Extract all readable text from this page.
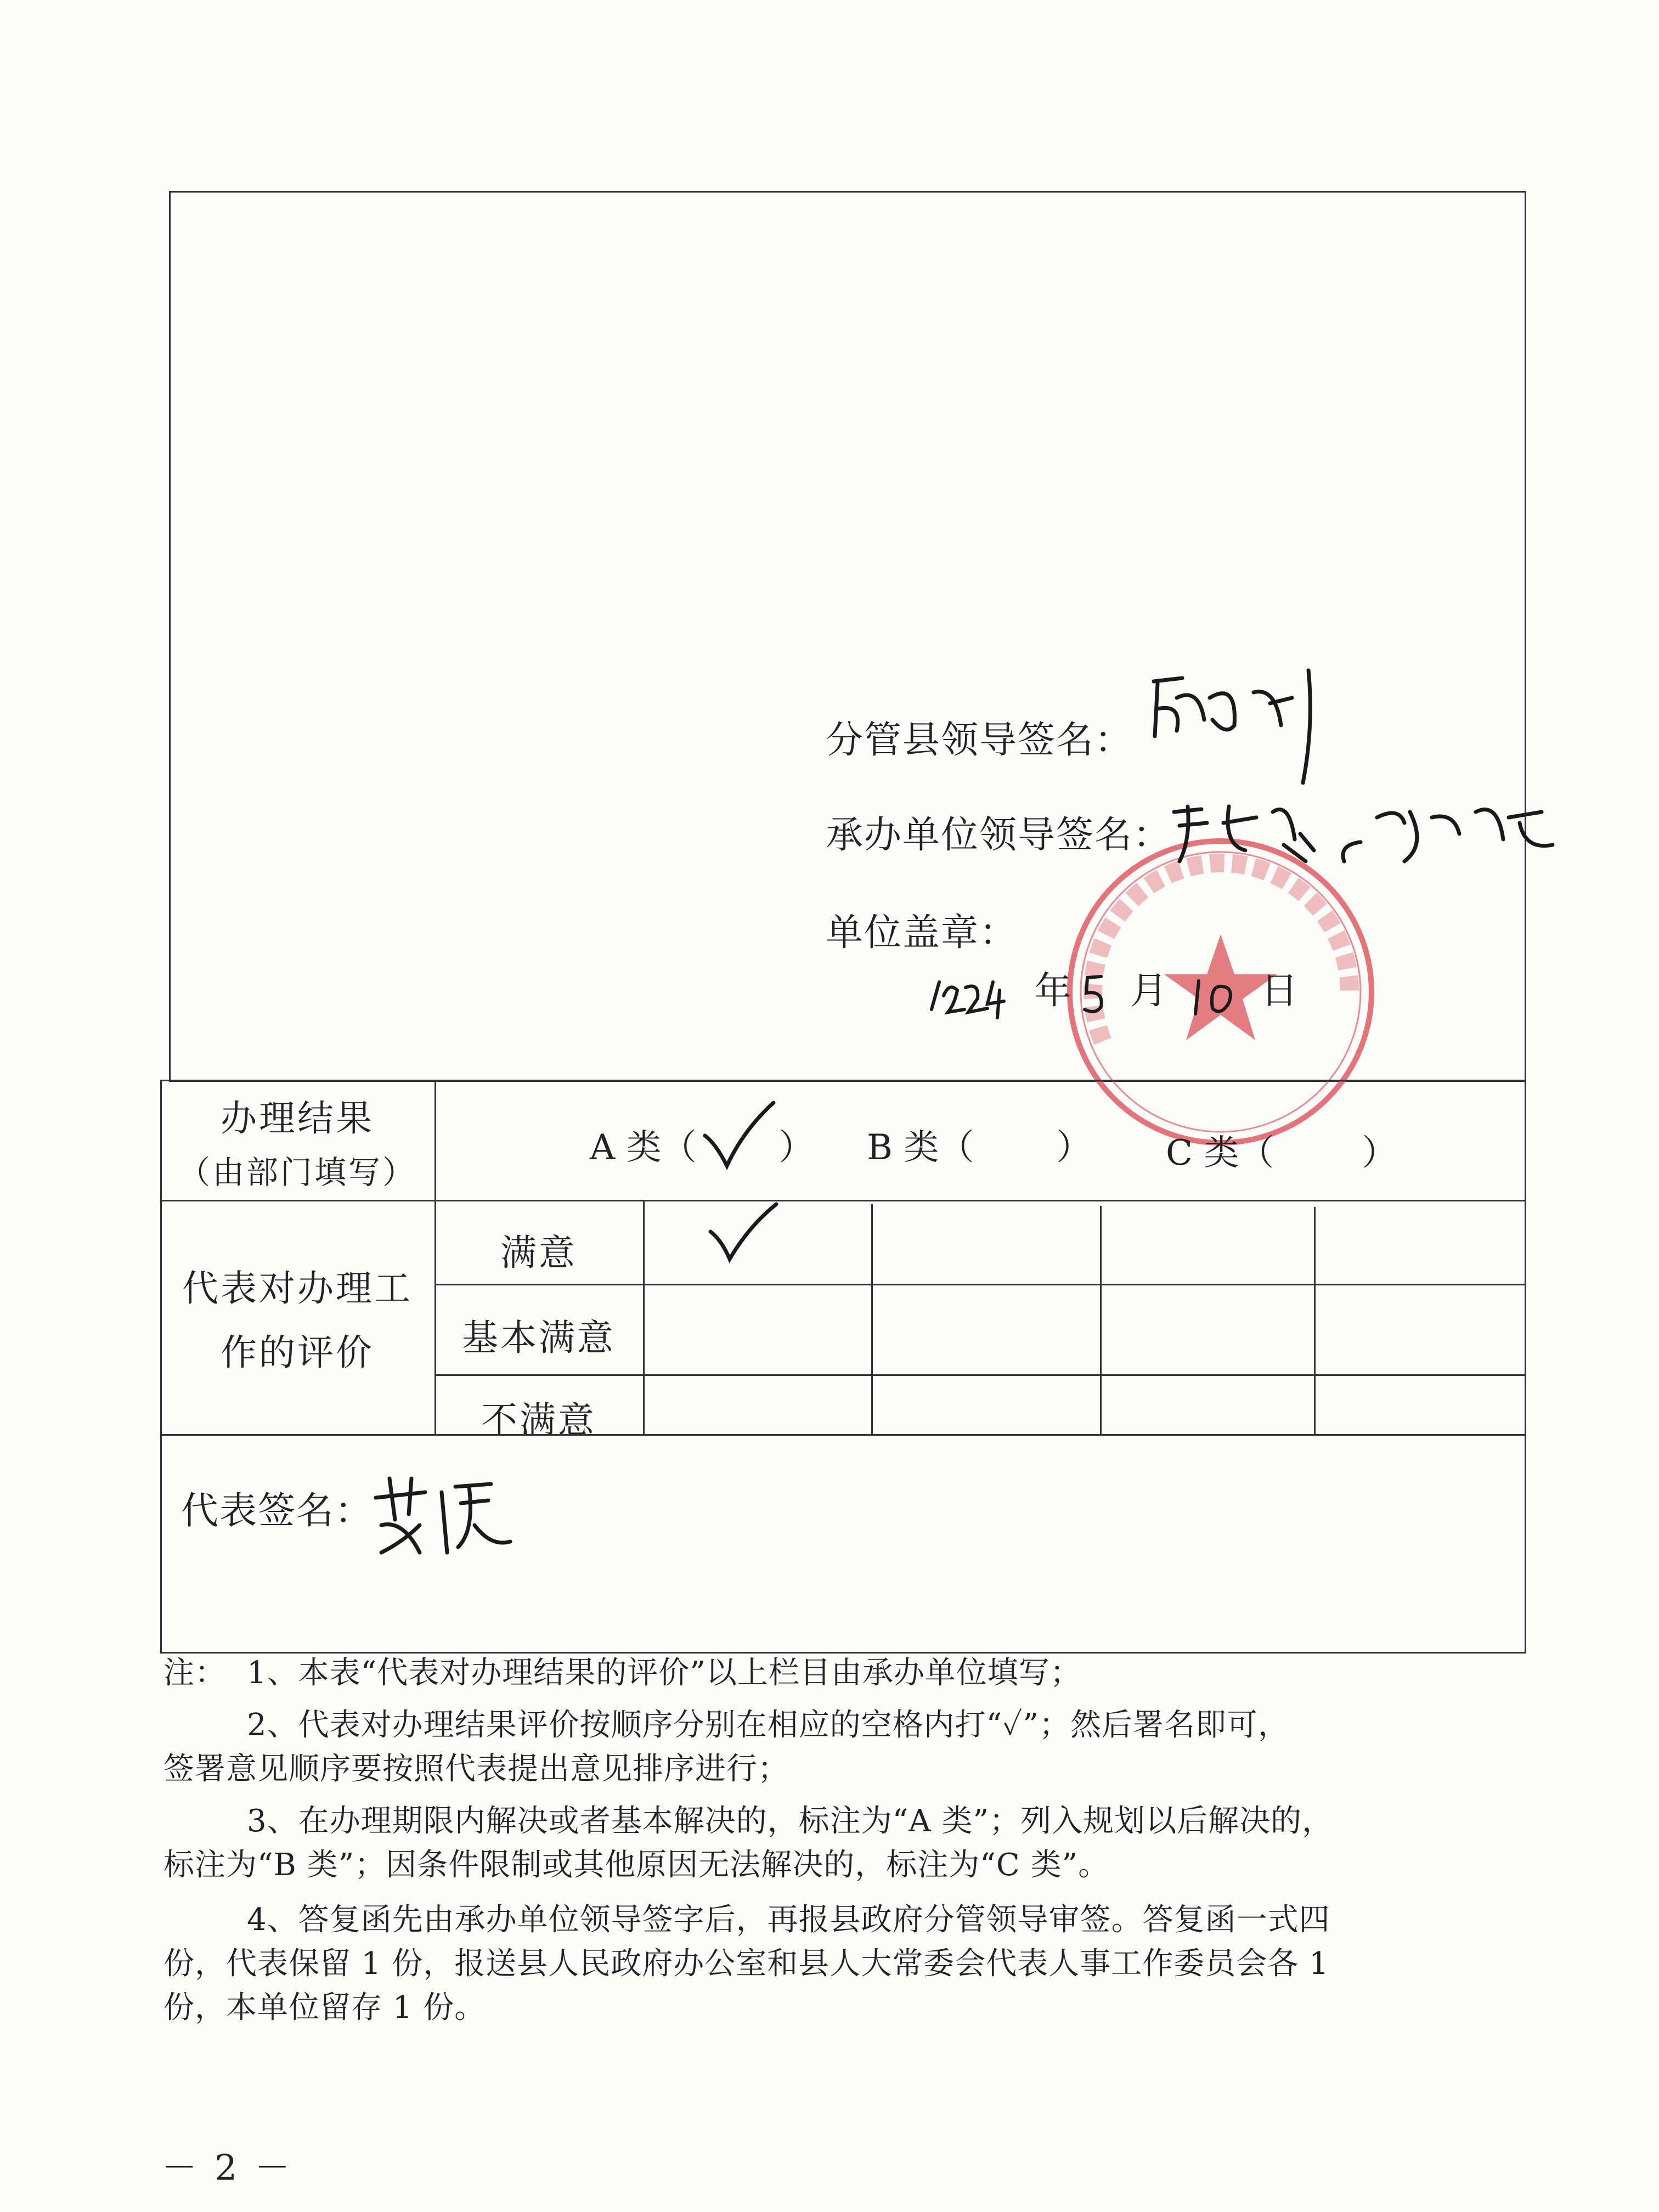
分管县领导签名：
承办单位领导签名：
单位盖章：
年 月 日
办理结果
（由部门填写）
A 类（ ） B 类（ ） C 类（	）
代表对办理工
作的评价
满意
基本满意
不满意
代表签名：
注： 1、本表“代表对办理结果的评价”以上栏目由承办单位填写；
2、代表对办理结果评价按顺序分别在相应的空格内打“✓”；然后署名即可，
签署意见顺序要按照代表提出意见排序进行；
3、在办理期限内解决或者基本解决的，标注为“A 类”；列入规划以后解决的，
标注为“B 类”；因条件限制或其他原因无法解决的，标注为“C 类”。
4、答复函先由承办单位领导签字后，再报县政府分管领导审签。答复函一式四
份，代表保留 1 份，报送县人民政府办公室和县人大常委会代表人事工作委员会各 1
份，本单位留存 1 份。
－ 2 －
